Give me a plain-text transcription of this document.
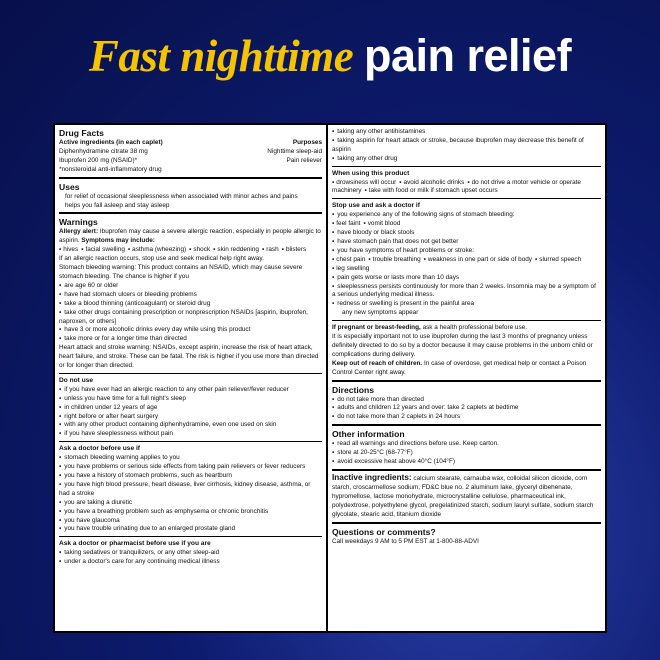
Fast nighttime pain relief
Drug Facts
Active ingredients (in each caplet)	Purposes
Diphenhydramine citrate 38 mg	Nighttime sleep-aid
Ibuprofen 200 mg (NSAID)*	Pain reliever
*nonsteroidal anti-inflammatory drug
Uses
for relief of occasional sleeplessness when associated with minor aches and pains
helps you fall asleep and stay asleep
Warnings
Allergy alert: Ibuprofen may cause a severe allergic reaction, especially in people allergic to aspirin. Symptoms may include:
▪ hives ▪ facial swelling ▪ asthma (wheezing) ▪ shock ▪ skin reddening ▪ rash ▪ blisters
If an allergic reaction occurs, stop use and seek medical help right away.
Stomach bleeding warning: This product contains an NSAID, which may cause severe stomach bleeding. The chance is higher if you
▪ are age 60 or older
▪ have had stomach ulcers or bleeding problems
▪ take a blood thinning (anticoagulant) or steroid drug
▪ take other drugs containing prescription or nonprescription NSAIDs [aspirin, ibuprofen, naproxen, or others]
▪ have 3 or more alcoholic drinks every day while using this product
▪ take more or for a longer time than directed
Heart attack and stroke warning: NSAIDs, except aspirin, increase the risk of heart attack, heart failure, and stroke. These can be fatal. The risk is higher if you use more than directed or for longer than directed.
Do not use
▪ if you have ever had an allergic reaction to any other pain reliever/fever reducer
▪ unless you have time for a full night's sleep
▪ in children under 12 years of age
▪ right before or after heart surgery
▪ with any other product containing diphenhydramine, even one used on skin
▪ if you have sleeplessness without pain
Ask a doctor before use if
▪ stomach bleeding warning applies to you
▪ you have problems or serious side effects from taking pain relievers or fever reducers
▪ you have a history of stomach problems, such as heartburn
▪ you have high blood pressure, heart disease, liver cirrhosis, kidney disease, asthma, or had a stroke
▪ you are taking a diuretic
▪ you have a breathing problem such as emphysema or chronic bronchitis
▪ you have glaucoma
▪ you have trouble urinating due to an enlarged prostate gland
Ask a doctor or pharmacist before use if you are
▪ taking sedatives or tranquilizers, or any other sleep-aid
▪ under a doctor's care for any continuing medical illness
▪ taking any other antihistamines
▪ taking aspirin for heart attack or stroke, because ibuprofen may decrease this benefit of aspirin
▪ taking any other drug
When using this product
▪ drowsiness will occur ▪ avoid alcoholic drinks ▪ do not drive a motor vehicle or operate machinery ▪ take with food or milk if stomach upset occurs
Stop use and ask a doctor if
▪ you experience any of the following signs of stomach bleeding:
▪ feel faint ▪ vomit blood
▪ have bloody or black stools
▪ have stomach pain that does not get better
▪ you have symptoms of heart problems or stroke:
▪ chest pain ▪ trouble breathing ▪ weakness in one part or side of body ▪ slurred speech
▪ leg swelling
▪ pain gets worse or lasts more than 10 days
▪ sleeplessness persists continuously for more than 2 weeks. Insomnia may be a symptom of a serious underlying medical illness.
▪ redness or swelling is present in the painful area
any new symptoms appear
If pregnant or breast-feeding, ask a health professional before use.
It is especially important not to use ibuprofen during the last 3 months of pregnancy unless definitely directed to do so by a doctor because it may cause problems in the unborn child or complications during delivery.
Keep out of reach of children. In case of overdose, get medical help or contact a Poison Control Center right away.
Directions
▪ do not take more than directed
▪ adults and children 12 years and over: take 2 caplets at bedtime
▪ do not take more than 2 caplets in 24 hours
Other information
▪ read all warnings and directions before use. Keep carton.
▪ store at 20-25°C (68-77°F)
▪ avoid excessive heat above 40°C (104°F)
Inactive ingredients: calcium stearate, carnauba wax, colloidal silicon dioxide, corn starch, croscarmellose sodium, FD&C blue no. 2 aluminum lake, glyceryl dibehenate, hypromellose, lactose monohydrate, microcrystalline cellulose, pharmaceutical ink, polydextrose, polyethylene glycol, pregelatinized starch, sodium lauryl sulfate, sodium starch glycolate, stearic acid, titanium dioxide
Questions or comments?
Call weekdays 9 AM to 5 PM EST at 1-800-88-ADVI
